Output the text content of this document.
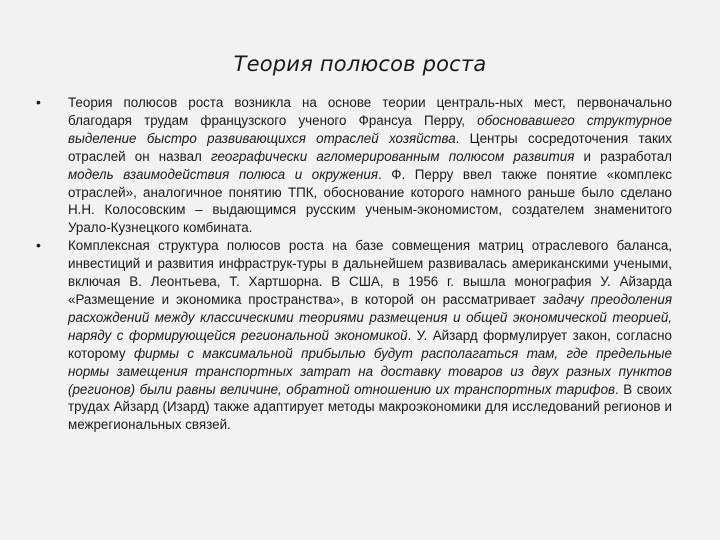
Теория полюсов роста
• Теория полюсов роста возникла на основе теории централь-ных мест, первоначально благодаря трудам французского ученого Франсуа Перру, обосновавшего структурное выделение быстро развивающихся отраслей хозяйства. Центры сосредоточения таких отраслей он назвал географически агломерированным полюсом развития и разработал модель взаимодействия полюса и окружения. Ф. Перру ввел также понятие «комплекс отраслей», аналогичное понятию ТПК, обоснование которого намного раньше было сделано Н.Н. Колосовским – выдающимся русским ученым-экономистом, создателем знаменитого Урало-Кузнецкого комбината.

• Комплексная структура полюсов роста на базе совмещения матриц отраслевого баланса, инвестиций и развития инфраструк-туры в дальнейшем развивалась американскими учеными, включая В. Леонтьева, Т. Хартшорна. В США, в 1956 г. вышла монография У. Айзарда «Размещение и экономика пространства», в которой он рассматривает задачу преодоления расхождений между классическими теориями размещения и общей экономической теорией, наряду с формирующейся региональной экономикой. У. Айзард формулирует закон, согласно которому фирмы с максимальной прибылью будут располагаться там, где предельные нормы замещения транспортных затрат на доставку товаров из двух разных пунктов (регионов) были равны величине, обратной отношению их транспортных тарифов. В своих трудах Айзард (Изард) также адаптирует методы макроэкономики для исследований регионов и межрегиональных связей.
